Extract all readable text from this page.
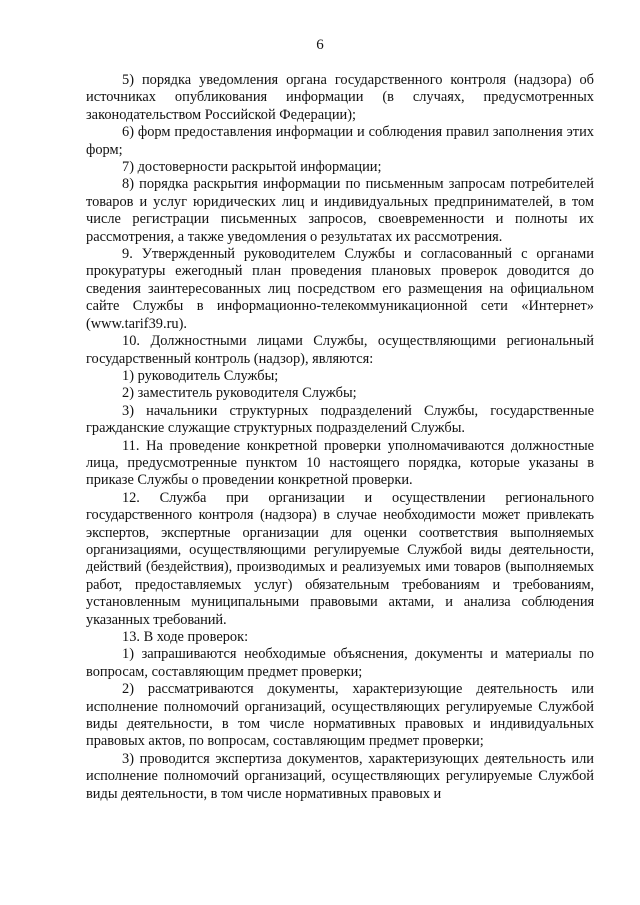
6

5) порядка уведомления органа государственного контроля (надзора) об источниках опубликования информации (в случаях, предусмотренных законодательством Российской Федерации);

6) форм предоставления информации и соблюдения правил заполнения этих форм;

7) достоверности раскрытой информации;

8) порядка раскрытия информации по письменным запросам потребителей товаров и услуг юридических лиц и индивидуальных предпринимателей, в том числе регистрации письменных запросов, своевременности и полноты их рассмотрения, а также уведомления о результатах их рассмотрения.

9. Утвержденный руководителем Службы и согласованный с органами прокуратуры ежегодный план проведения плановых проверок доводится до сведения заинтересованных лиц посредством его размещения на официальном сайте Службы в информационно-телекоммуникационной сети «Интернет» (www.tarif39.ru).

10. Должностными лицами Службы, осуществляющими региональный государственный контроль (надзор), являются:

1) руководитель Службы;

2) заместитель руководителя Службы;

3) начальники структурных подразделений Службы, государственные гражданские служащие структурных подразделений Службы.

11. На проведение конкретной проверки уполномачиваются должностные лица, предусмотренные пунктом 10 настоящего порядка, которые указаны в приказе Службы о проведении конкретной проверки.

12. Служба при организации и осуществлении регионального государственного контроля (надзора) в случае необходимости может привлекать экспертов, экспертные организации для оценки соответствия выполняемых организациями, осуществляющими регулируемые Службой виды деятельности, действий (бездействия), производимых и реализуемых ими товаров (выполняемых работ, предоставляемых услуг) обязательным требованиям и требованиям, установленным муниципальными правовыми актами, и анализа соблюдения указанных требований.

13. В ходе проверок:

1) запрашиваются необходимые объяснения, документы и материалы по вопросам, составляющим предмет проверки;

2) рассматриваются документы, характеризующие деятельность или исполнение полномочий организаций, осуществляющих регулируемые Службой виды деятельности, в том числе нормативных правовых и индивидуальных правовых актов, по вопросам, составляющим предмет проверки;

3) проводится экспертиза документов, характеризующих деятельность или исполнение полномочий организаций, осуществляющих регулируемые Службой виды деятельности, в том числе нормативных правовых и
